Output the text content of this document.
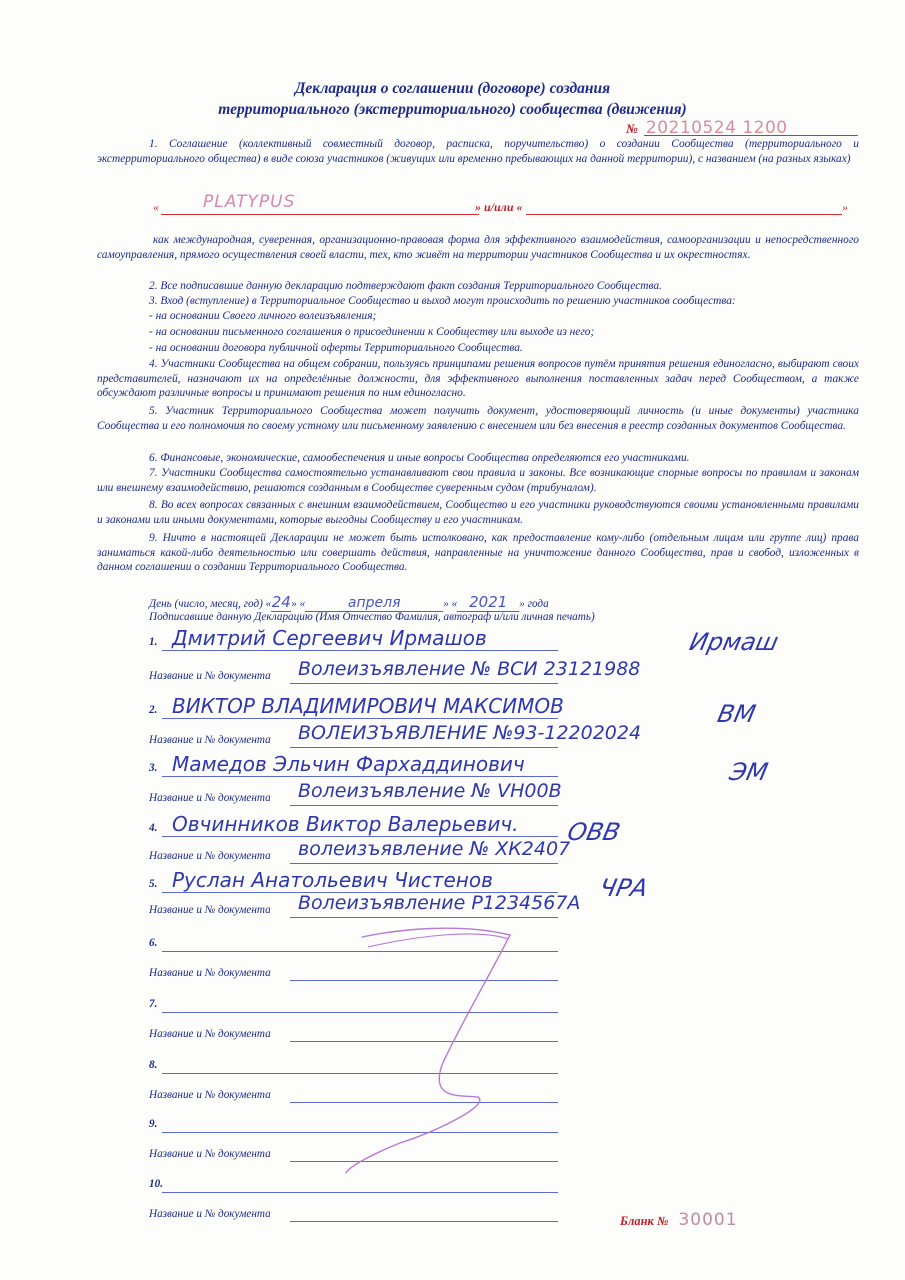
Декларация о соглашении (договоре) создания
территориального (экстерриториального) сообщества (движения)
№ 20210524 1200
1. Соглашение (коллективный совместный договор, расписка, поручительство) о создании Сообщества (территориального и экстерриториального общества) в виде союза участников (живущих или временно пребывающих на данной территории), с названием (на разных языках)
«	PLATYPUS	» и/или «	»
как международная, суверенная, организационно-правовая форма для эффективного взаимодействия, самоорганизации и непосредственного самоуправления, прямого осуществления своей власти, тех, кто живёт на территории участников Сообщества и их окрестностях.
2. Все подписавшие данную декларацию подтверждают факт создания Территориального Сообщества.
3. Вход (вступление) в Территориальное Сообщество и выход могут происходить по решению участников сообщества:
- на основании Своего личного волеизъявления;
- на основании письменного соглашения о присоединении к Сообществу или выходе из него;
- на основании договора публичной оферты Территориального Сообщества.
4. Участники Сообщества на общем собрании, пользуясь принципами решения вопросов путём принятия решения единогласно, выбирают своих представителей, назначают их на определённые должности, для эффективного выполнения поставленных задач перед Сообществом, а также обсуждают различные вопросы и принимают решения по ним единогласно.
5. Участник Территориального Сообщества может получить документ, удостоверяющий личность (и иные документы) участника Сообщества и его полномочия по своему устному или письменному заявлению с внесением или без внесения в реестр созданных документов Сообщества.
6. Финансовые, экономические, самообеспечения и иные вопросы Сообщества определяются его участниками.
7. Участники Сообщества самостоятельно устанавливают свои правила и законы. Все возникающие спорные вопросы по правилам и законам или внешнему взаимодействию, решаются созданным в Сообществе суверенным судом (трибуналом).
8. Во всех вопросах связанных с внешним взаимодействием, Сообщество и его участники руководствуются своими установленными правилами и законами или иными документами, которые выгодны Сообществу и его участникам.
9. Ничто в настоящей Декларации не может быть истолковано, как предоставление кому-либо (отдельным лицам или группе лиц) права заниматься какой-либо деятельностью или совершать действия, направленные на уничтожение данного Сообщества, прав и свобод, изложенных в данном соглашении о создании Территориального Сообщества.
День (число, месяц, год) «24» «	апреля	» « 2021 » года
Подписавшие данную Декларацию (Имя Отчество Фамилия, автограф и/или личная печать)
1. Дмитрий Сергеевич Ирмашов
Название и № документа Волеизъявление № ВСИ 23121988
Ирмаш
2. ВИКТОР ВЛАДИМИРОВИЧ МАКСИМОВ
Название и № документа ВОЛЕИЗЪЯВЛЕНИЕ №93-12202024
ВМ
3. Мамедов Эльчин Фархаддинович
Название и № документа Волеизъявление № VH00В
ЭМ
4. Овчинников Виктор Валерьевич.
Название и № документа волеизъявление № ХК2407
ОВВ
5. Руслан Анатольевич Чистенов
Название и № документа Волеизъявление Р1234567А
ЧРА
6.
Название и № документа
7.
Название и № документа
8.
Название и № документа
9.
Название и № документа
10.
Название и № документа	Бланк № 30001
